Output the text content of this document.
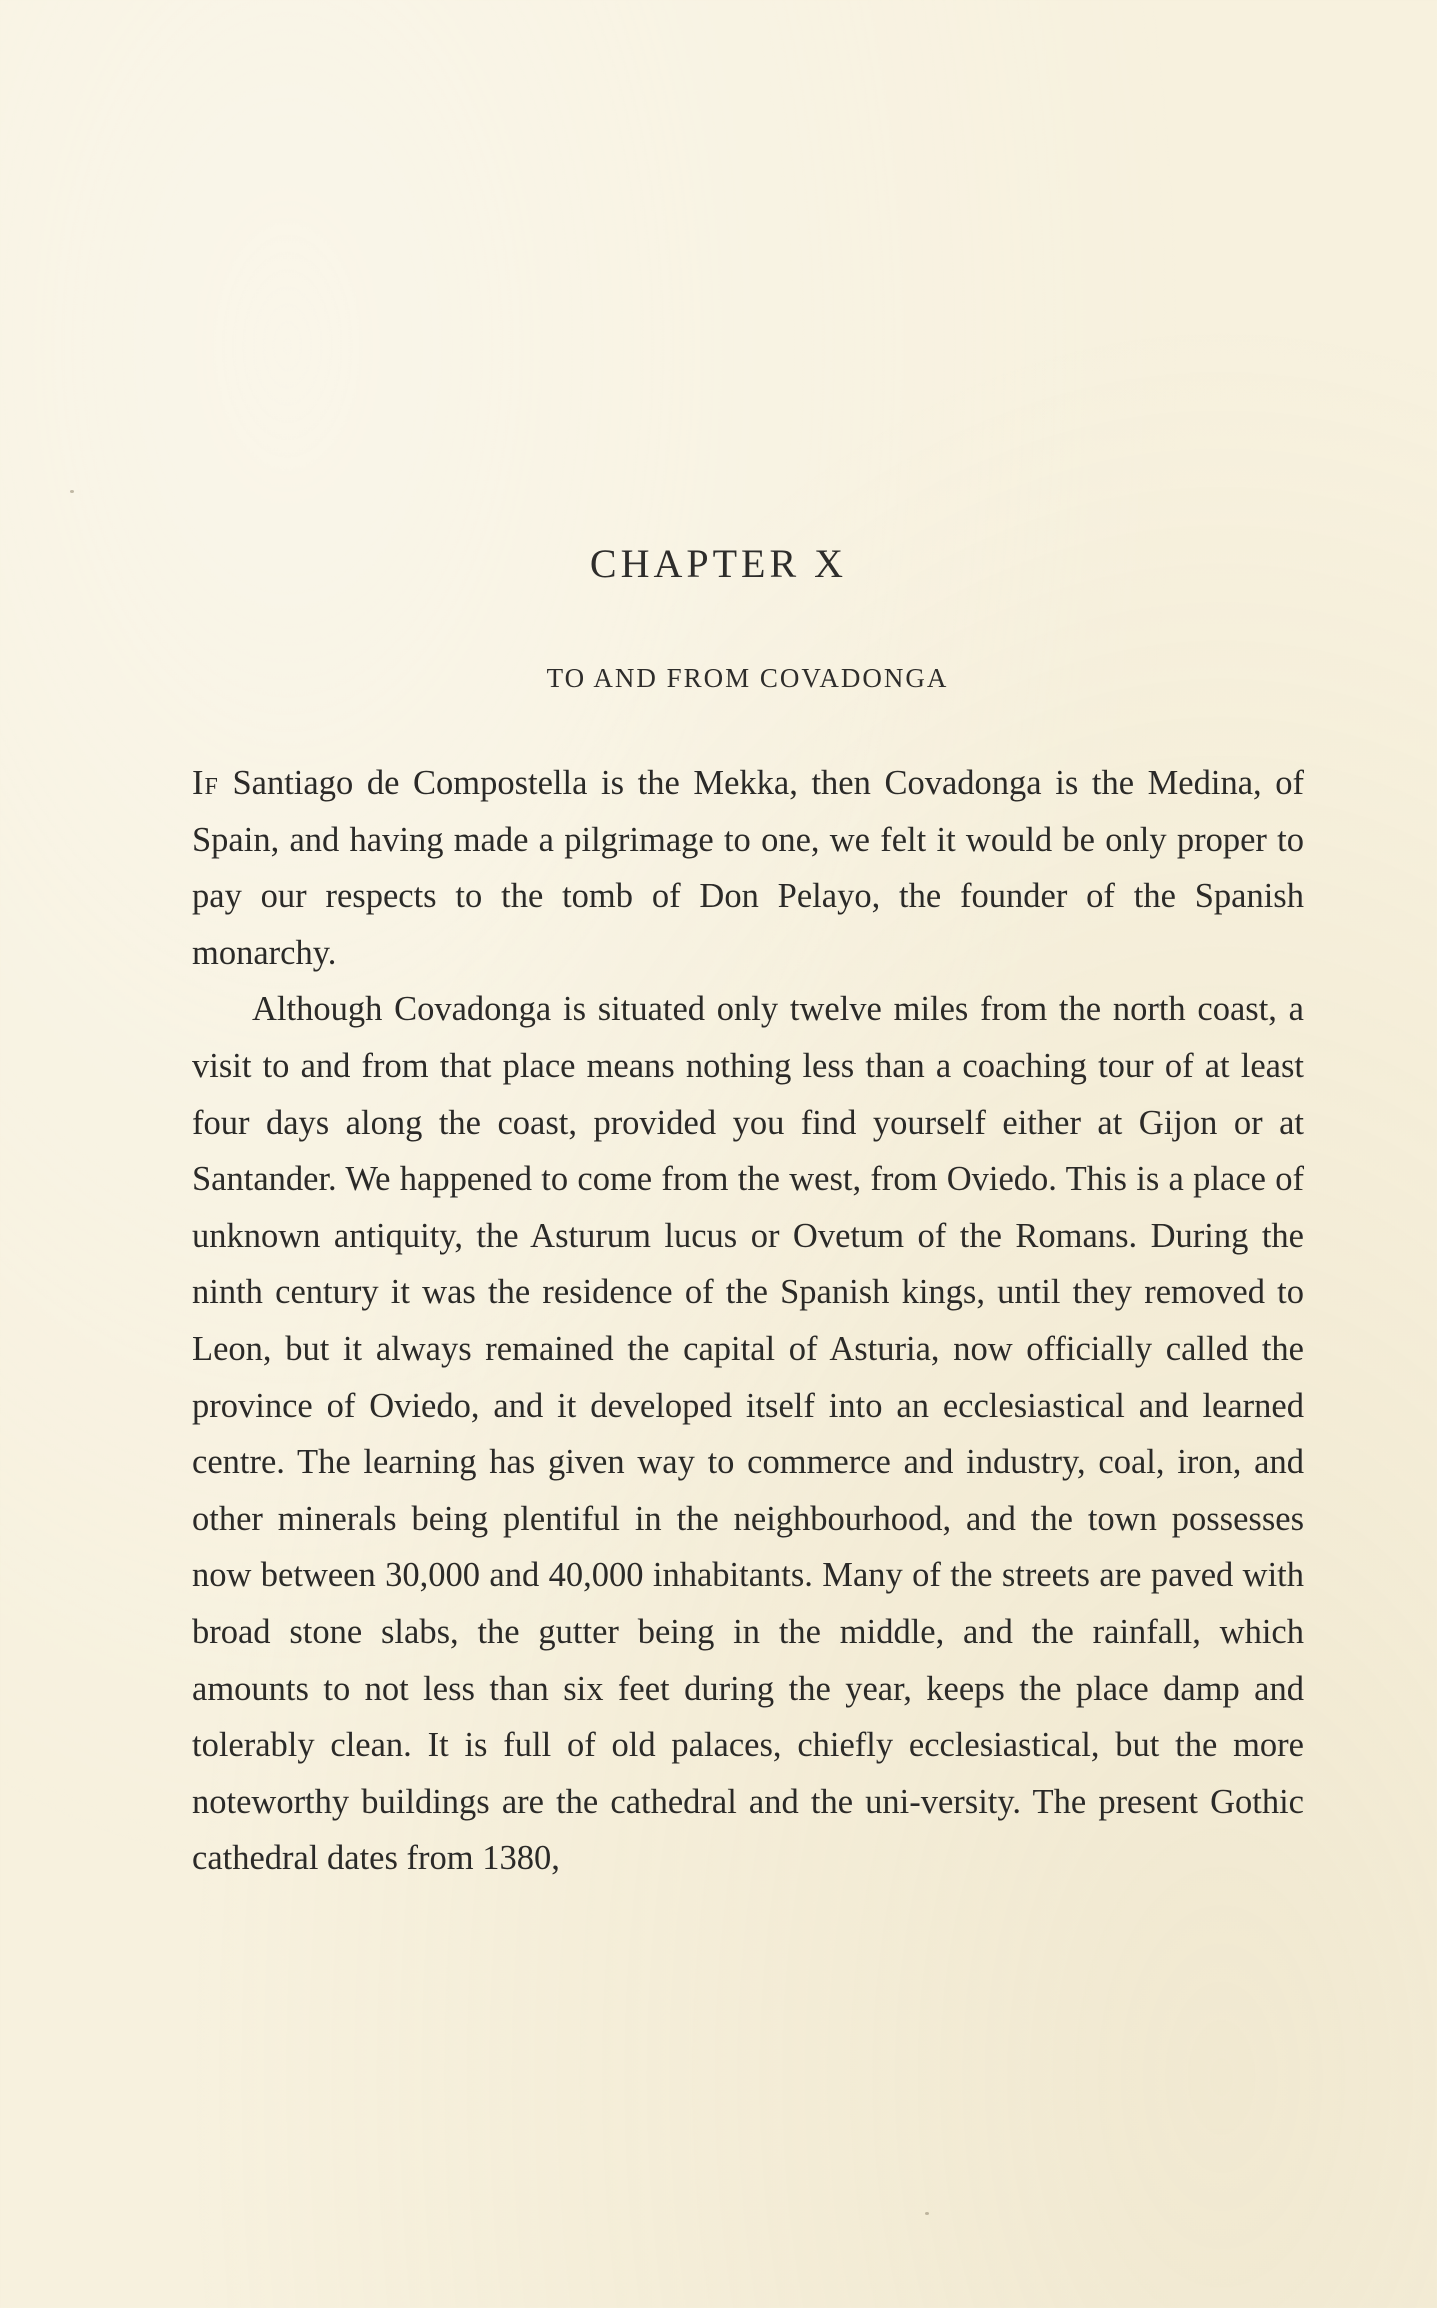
CHAPTER X
TO AND FROM COVADONGA

If Santiago de Compostella is the Mekka, then Covadonga is the Medina, of Spain, and having made a pilgrimage to one, we felt it would be only proper to pay our respects to the tomb of Don Pelayo, the founder of the Spanish monarchy.

Although Covadonga is situated only twelve miles from the north coast, a visit to and from that place means nothing less than a coaching tour of at least four days along the coast, provided you find yourself either at Gijon or at Santander. We happened to come from the west, from Oviedo. This is a place of unknown antiquity, the Asturum lucus or Ovetum of the Romans. During the ninth century it was the residence of the Spanish kings, until they removed to Leon, but it always remained the capital of Asturia, now officially called the province of Oviedo, and it developed itself into an ecclesiastical and learned centre. The learning has given way to commerce and industry, coal, iron, and other minerals being plentiful in the neighbourhood, and the town possesses now between 30,000 and 40,000 inhabitants. Many of the streets are paved with broad stone slabs, the gutter being in the middle, and the rainfall, which amounts to not less than six feet during the year, keeps the place damp and tolerably clean. It is full of old palaces, chiefly ecclesiastical, but the more noteworthy buildings are the cathedral and the uni-versity. The present Gothic cathedral dates from 1380,
